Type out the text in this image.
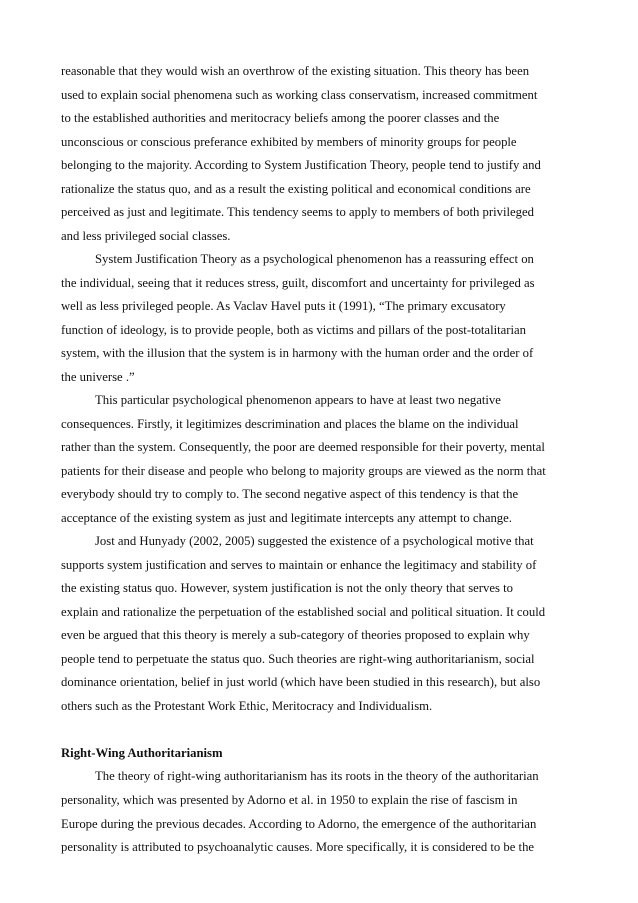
reasonable that they would wish an overthrow of the existing situation. This theory has been
used to explain social phenomena such as working class conservatism, increased commitment
to the established authorities and meritocracy beliefs among the poorer classes and the
unconscious or conscious preferance exhibited by members of minority groups for people
belonging to the majority. According to System Justification Theory, people tend to justify and
rationalize the status quo, and as a result the existing political and economical conditions are
perceived as just and legitimate. This tendency seems to apply to members of both privileged
and less privileged social classes.
System Justification Theory as a psychological phenomenon has a reassuring effect on
the individual, seeing that it reduces stress, guilt, discomfort and uncertainty for privileged as
well as less privileged people. As Vaclav Havel puts it (1991), “The primary excusatory
function of ideology, is to provide people, both as victims and pillars of the post-totalitarian
system, with the illusion that the system is in harmony with the human order and the order of
the universe .”
This particular psychological phenomenon appears to have at least two negative
consequences. Firstly, it legitimizes descrimination and places the blame on the individual
rather than the system. Consequently, the poor are deemed responsible for their poverty, mental
patients for their disease and people who belong to majority groups are viewed as the norm that
everybody should try to comply to. The second negative aspect of this tendency is that the
acceptance of the existing system as just and legitimate intercepts any attempt to change.
Jost and Hunyady (2002, 2005) suggested the existence of a psychological motive that
supports system justification and serves to maintain or enhance the legitimacy and stability of
the existing status quo. However, system justification is not the only theory that serves to
explain and rationalize the perpetuation of the established social and political situation. It could
even be argued that this theory is merely a sub-category of theories proposed to explain why
people tend to perpetuate the status quo. Such theories are right-wing authoritarianism, social
dominance orientation, belief in just world (which have been studied in this research), but also
others such as the Protestant Work Ethic, Meritocracy and Individualism.
Right-Wing Authoritarianism
The theory of right-wing authoritarianism has its roots in the theory of the authoritarian
personality, which was presented by Adorno et al. in 1950 to explain the rise of fascism in
Europe during the previous decades. According to Adorno, the emergence of the authoritarian
personality is attributed to psychoanalytic causes. More specifically, it is considered to be the
